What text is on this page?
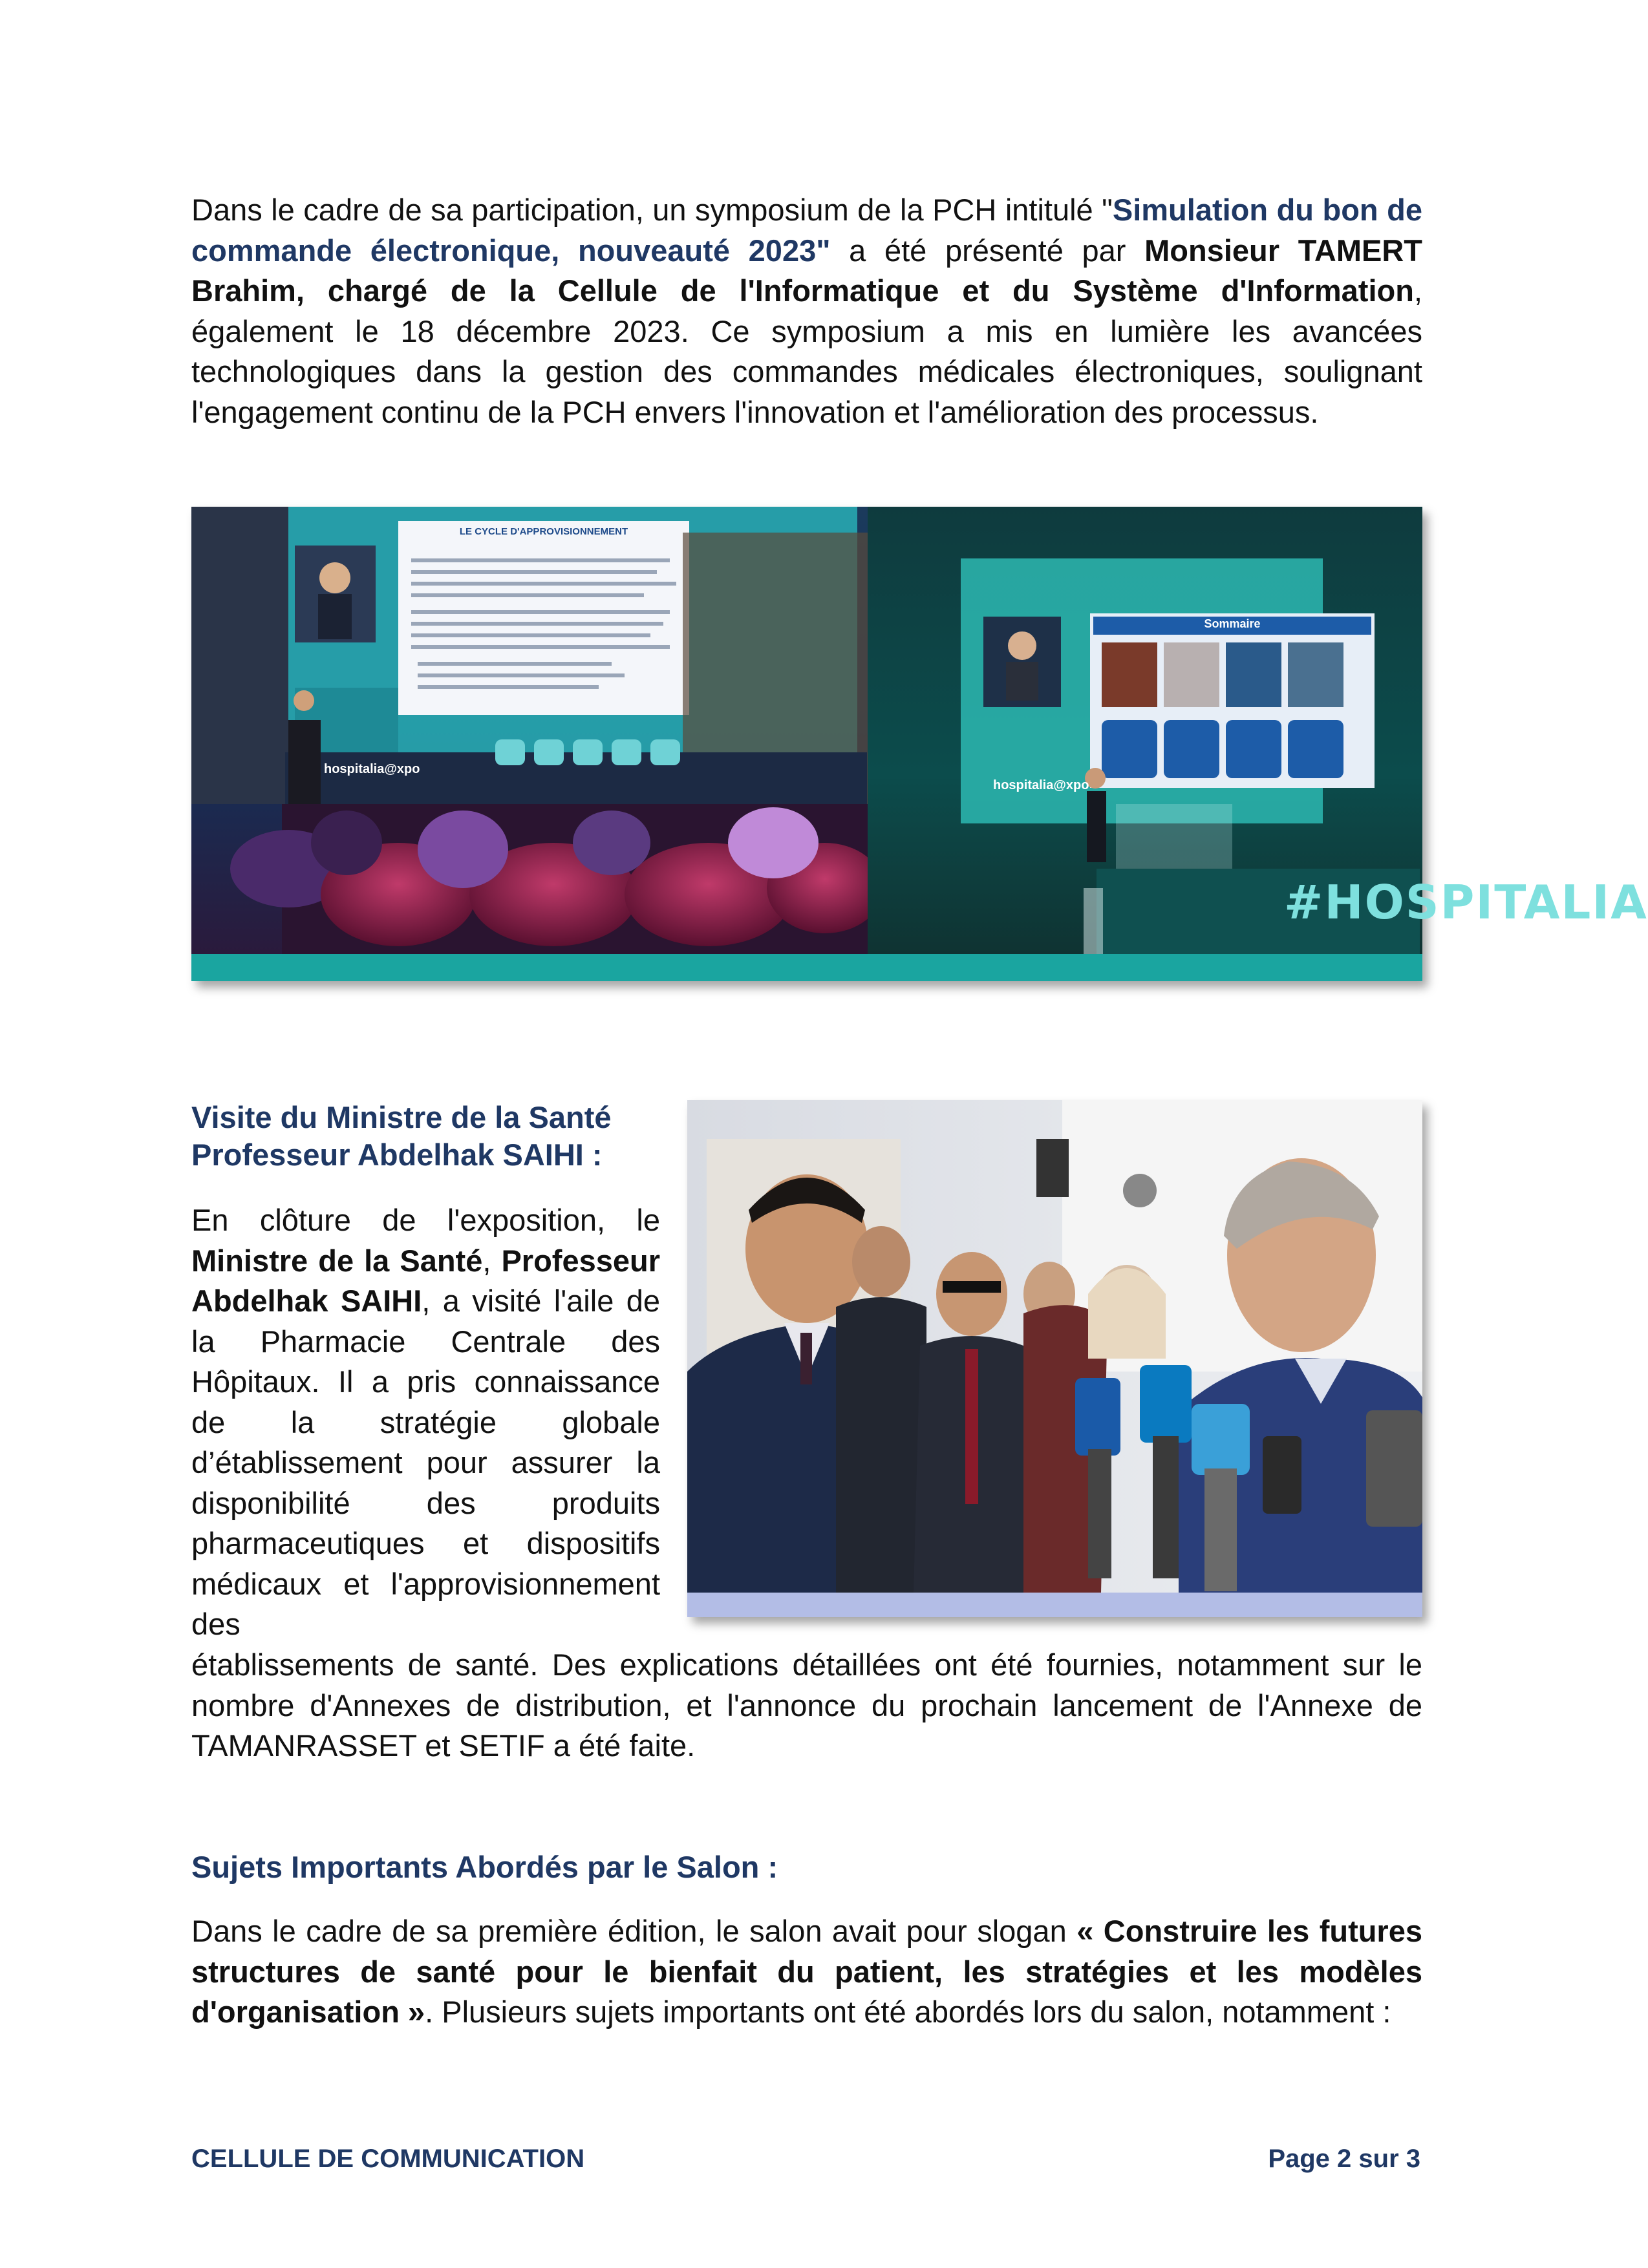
Dans le cadre de sa participation, un symposium de la PCH intitulé "Simulation du bon de commande électronique, nouveauté 2023" a été présenté par Monsieur TAMERT Brahim, chargé de la Cellule de l'Informatique et du Système d'Information, également le 18 décembre 2023. Ce symposium a mis en lumière les avancées technologiques dans la gestion des commandes médicales électroniques, soulignant l'engagement continu de la PCH envers l'innovation et l'amélioration des processus.

LE CYCLE D'APPROVISIONNEMENT
hospitalia@xpo
Sommaire
hospitalia@xpo
#HOSPITALIA
Visite du Ministre de la Santé
Professeur Abdelhak SAIHI :

En clôture de l'exposition, le Ministre de la Santé, Professeur Abdelhak SAIHI, a visité l'aile de la Pharmacie Centrale des Hôpitaux. Il a pris connaissance de la stratégie globale d’établissement pour assurer la disponibilité des produits pharmaceutiques et dispositifs médicaux et l'approvisionnement des

établissements de santé. Des explications détaillées ont été fournies, notamment sur le nombre d'Annexes de distribution, et l'annonce du prochain lancement de l'Annexe de TAMANRASSET et SETIF a été faite.

Sujets Importants Abordés par le Salon :

Dans le cadre de sa première édition, le salon avait pour slogan « Construire les futures structures de santé pour le bienfait du patient, les stratégies et les modèles d'organisation ». Plusieurs sujets importants ont été abordés lors du salon, notamment :

CELLULE DE COMMUNICATION	Page 2 sur 3
